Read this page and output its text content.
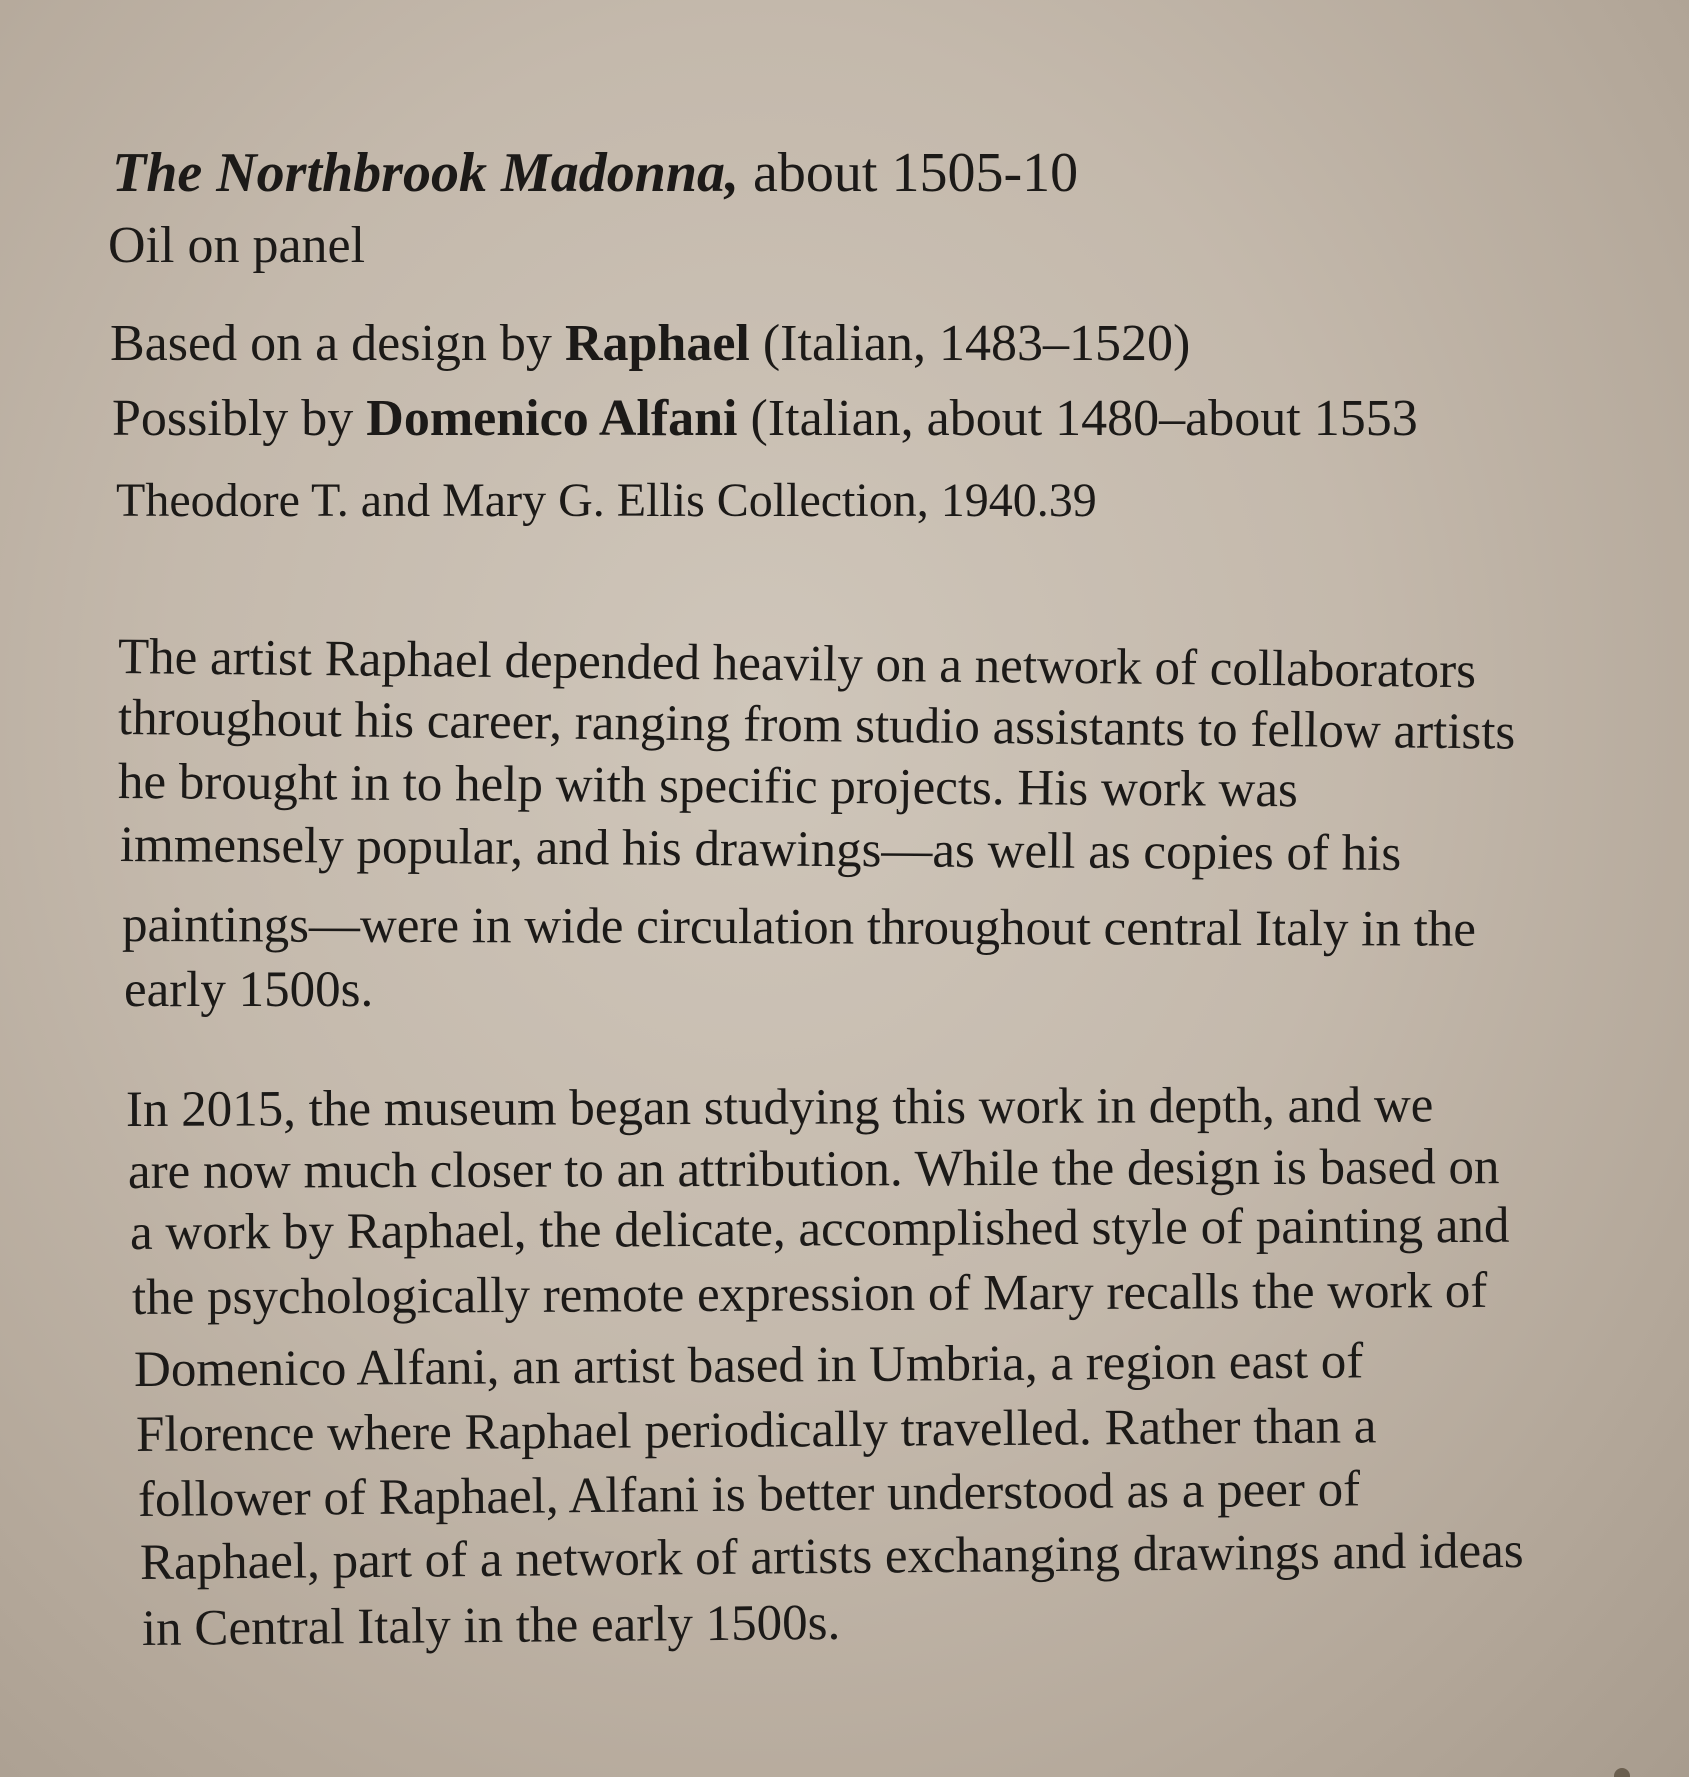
The Northbrook Madonna, about 1505-10
Oil on panel
Based on a design by Raphael (Italian, 1483–1520)
Possibly by Domenico Alfani (Italian, about 1480–about 1553
Theodore T. and Mary G. Ellis Collection, 1940.39
The artist Raphael depended heavily on a network of collaborators
throughout his career, ranging from studio assistants to fellow artists
he brought in to help with specific projects. His work was
immensely popular, and his drawings—as well as copies of his
paintings—were in wide circulation throughout central Italy in the
early 1500s.
In 2015, the museum began studying this work in depth, and we
are now much closer to an attribution. While the design is based on
a work by Raphael, the delicate, accomplished style of painting and
the psychologically remote expression of Mary recalls the work of
Domenico Alfani, an artist based in Umbria, a region east of
Florence where Raphael periodically travelled. Rather than a
follower of Raphael, Alfani is better understood as a peer of
Raphael, part of a network of artists exchanging drawings and ideas
in Central Italy in the early 1500s.
